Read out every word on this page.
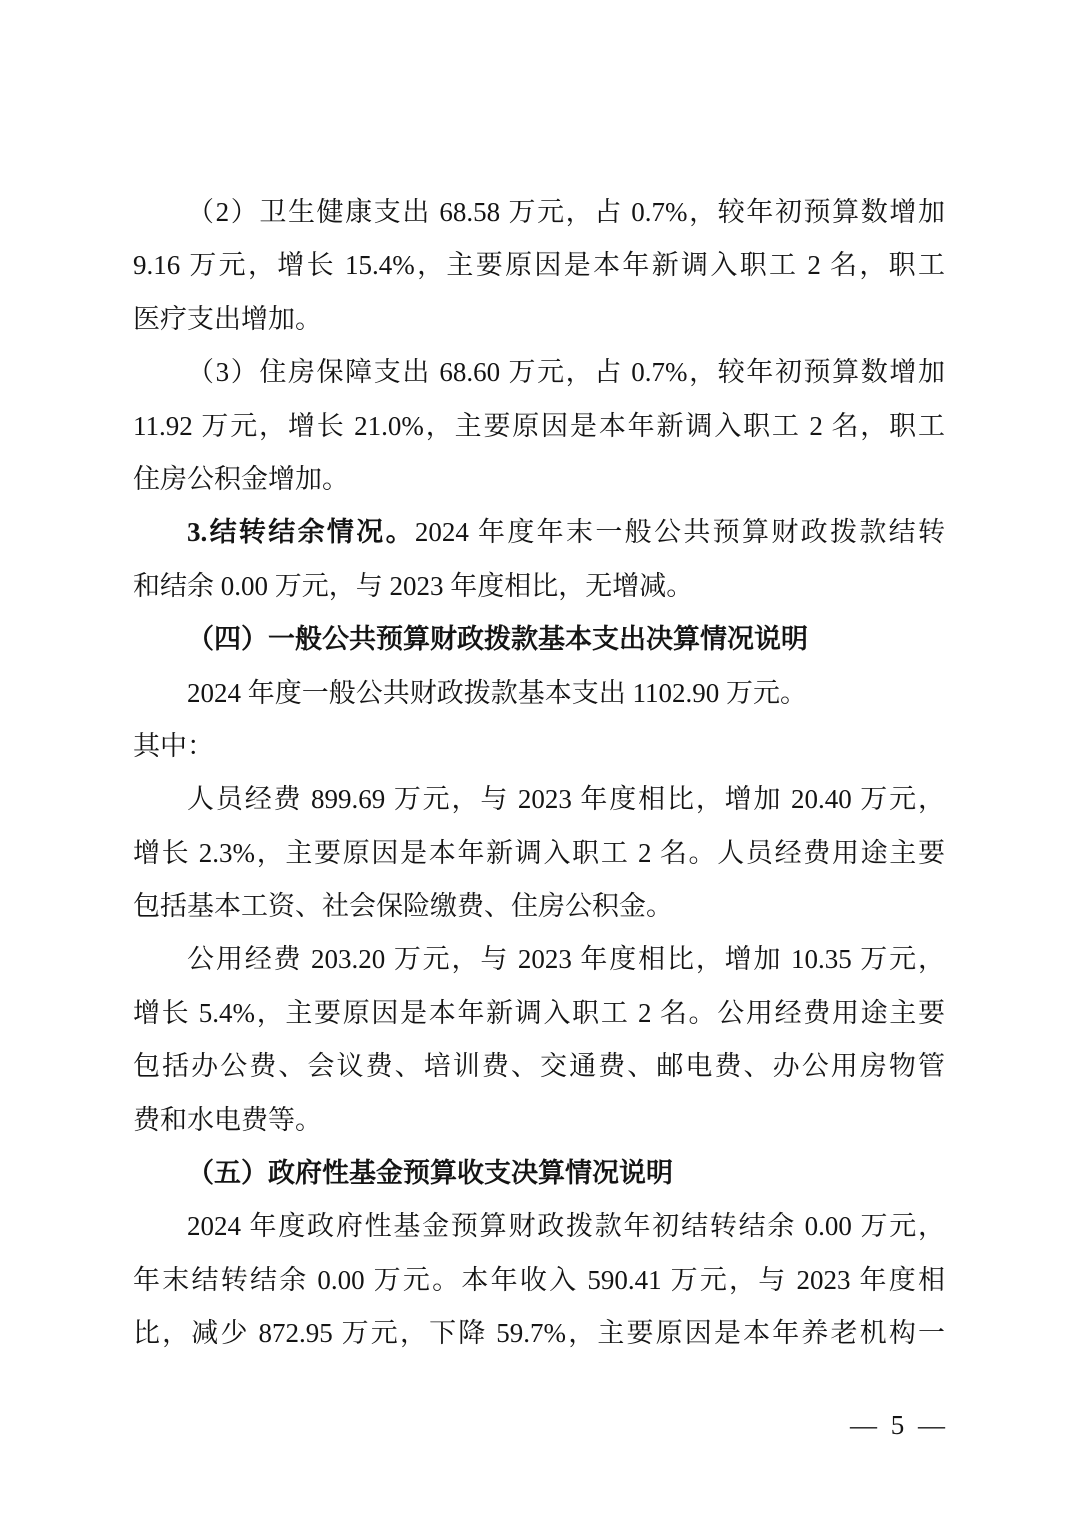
（2）卫生健康支出 68.58 万元，占 0.7%，较年初预算数增加
9.16 万元，增长 15.4%，主要原因是本年新调入职工 2 名，职工
医疗支出增加。
（3）住房保障支出 68.60 万元，占 0.7%，较年初预算数增加
11.92 万元，增长 21.0%，主要原因是本年新调入职工 2 名，职工
住房公积金增加。
3.结转结余情况。2024 年度年末一般公共预算财政拨款结转
和结余 0.00 万元，与 2023 年度相比，无增减。
（四）一般公共预算财政拨款基本支出决算情况说明
2024 年度一般公共财政拨款基本支出 1102.90 万元。
其中：
人员经费 899.69 万元，与 2023 年度相比，增加 20.40 万元，
增长 2.3%，主要原因是本年新调入职工 2 名。人员经费用途主要
包括基本工资、社会保险缴费、住房公积金。
公用经费 203.20 万元，与 2023 年度相比，增加 10.35 万元，
增长 5.4%，主要原因是本年新调入职工 2 名。公用经费用途主要
包括办公费、会议费、培训费、交通费、邮电费、办公用房物管
费和水电费等。
（五）政府性基金预算收支决算情况说明
2024 年度政府性基金预算财政拨款年初结转结余 0.00 万元，
年末结转结余 0.00 万元。本年收入 590.41 万元，与 2023 年度相
比，减少 872.95 万元，下降 59.7%，主要原因是本年养老机构一
— 5 —
